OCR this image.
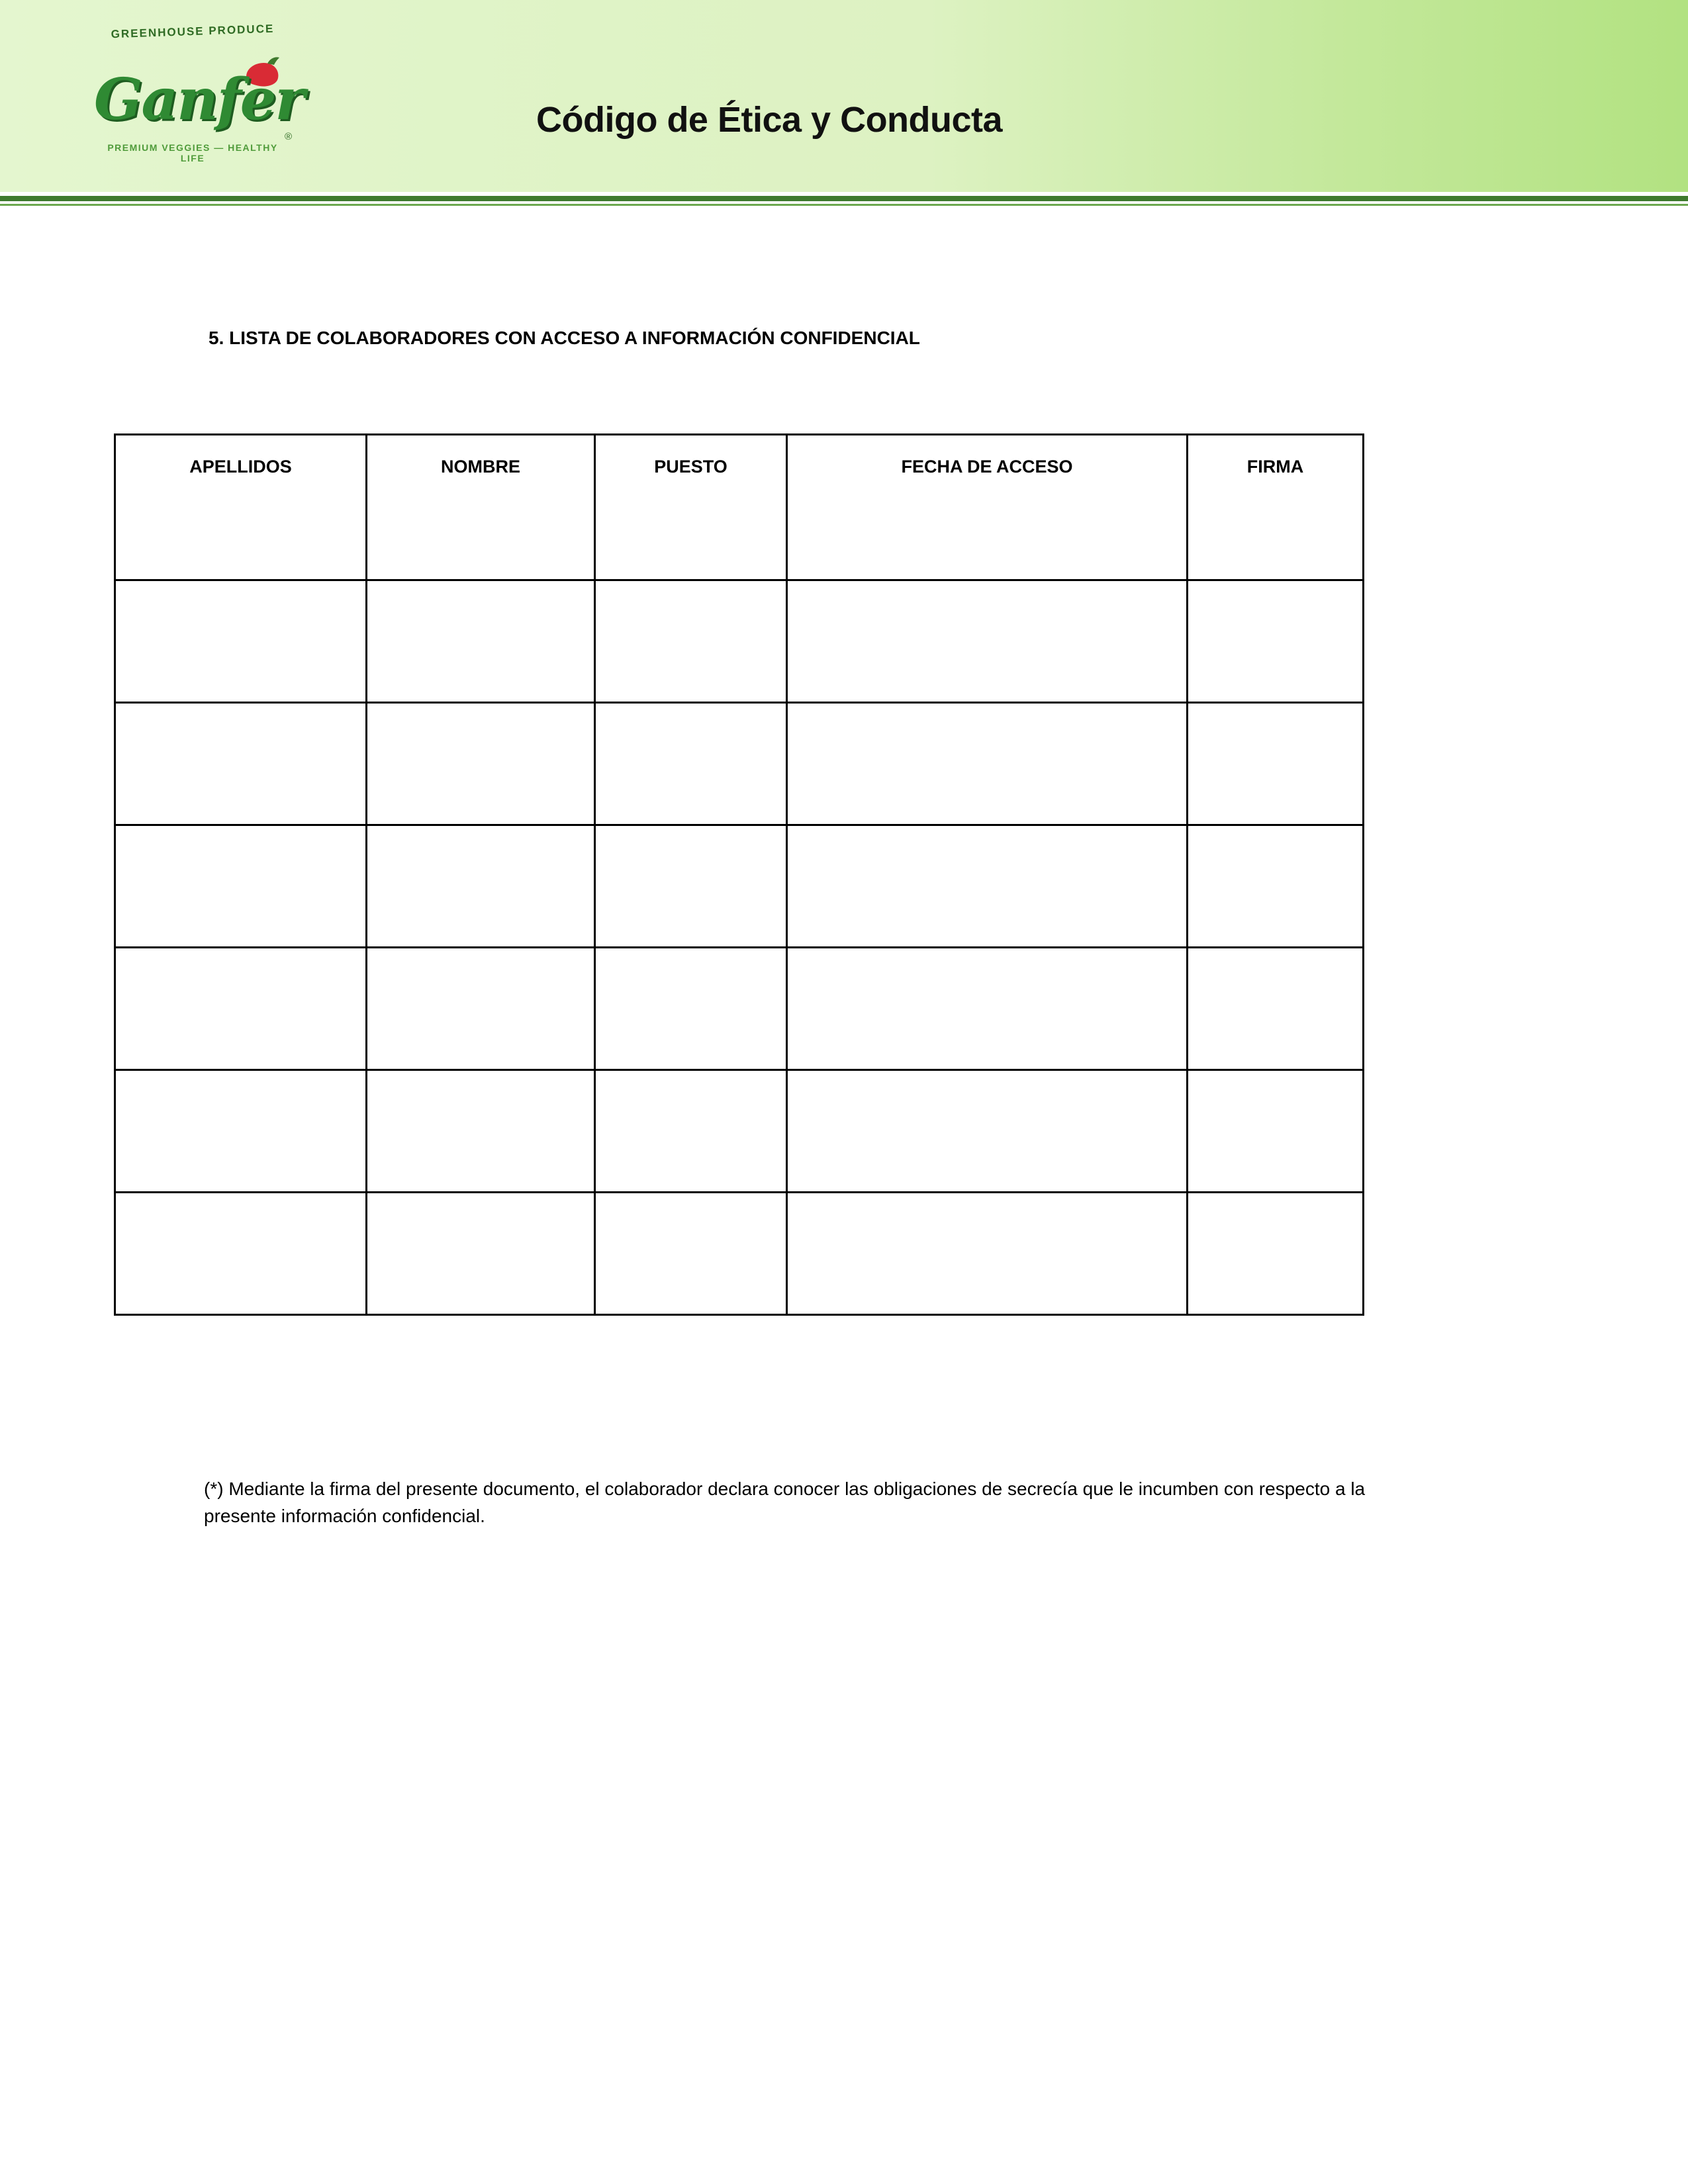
GREENHOUSE PRODUCE
Ganfer
®
PREMIUM VEGGIES — HEALTHY LIFE
Código de Ética y Conducta
5. LISTA DE COLABORADORES CON ACCESO A INFORMACIÓN CONFIDENCIAL
APELLIDOS	NOMBRE	PUESTO	FECHA DE ACCESO	FIRMA

(*) Mediante la firma del presente documento, el colaborador declara conocer las obligaciones de secrecía que le incumben con respecto a la presente información confidencial.
